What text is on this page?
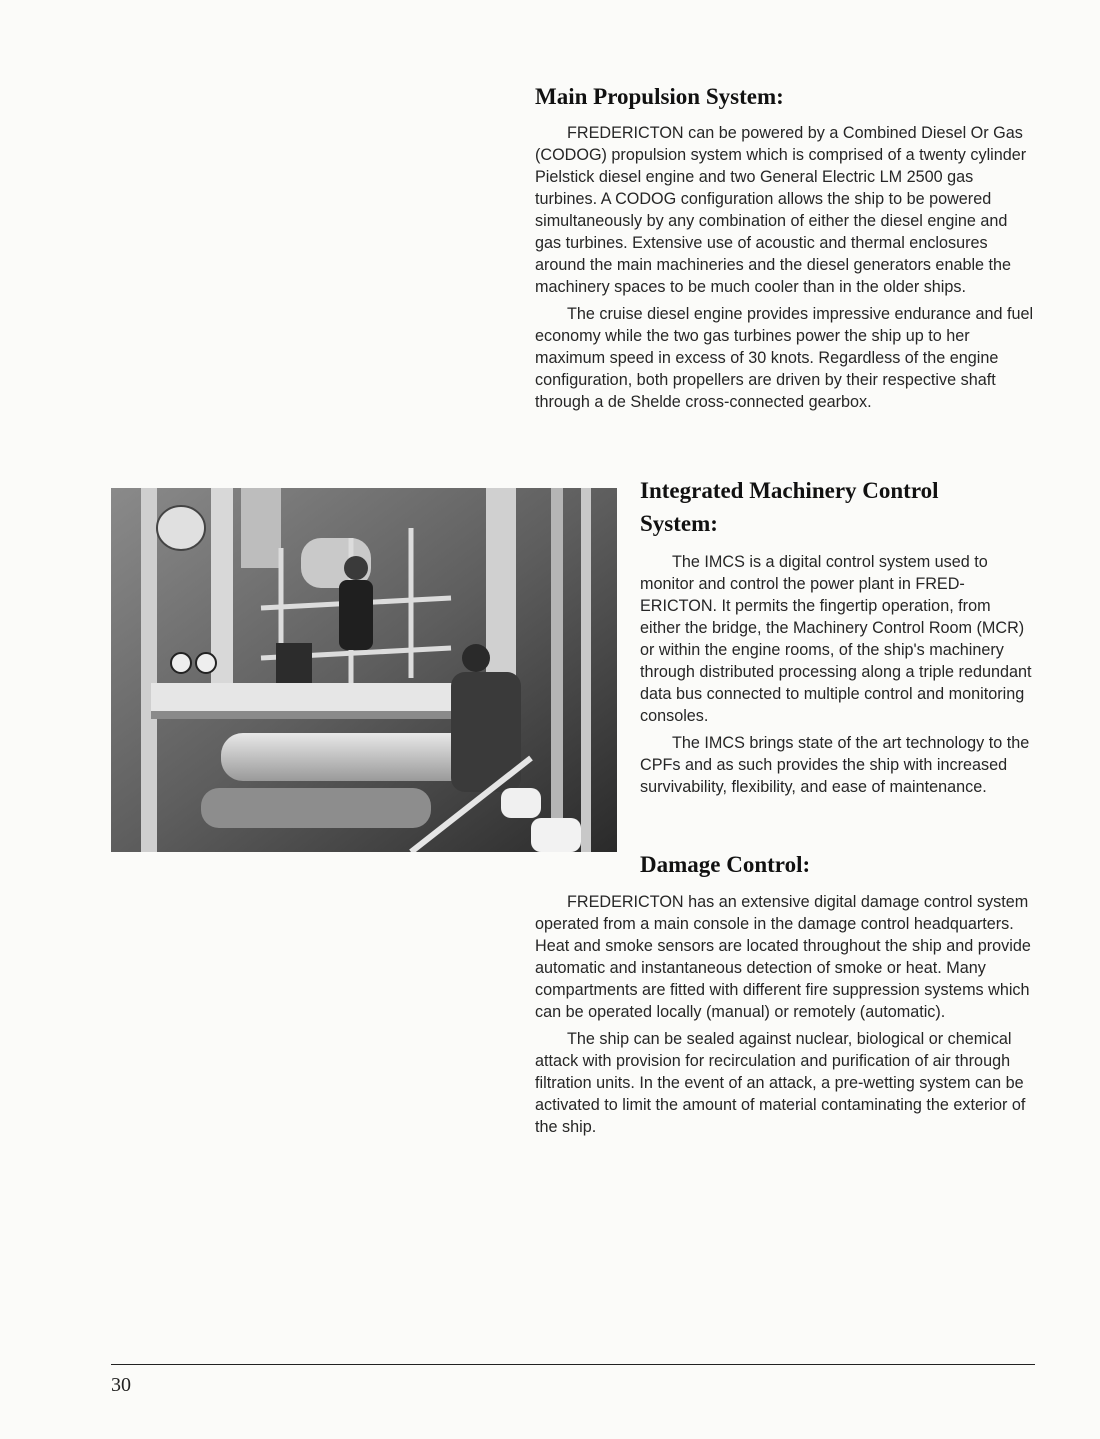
Main Propulsion System:

FREDERICTON can be powered by a Combined Diesel Or Gas (CODOG) propulsion system which is comprised of a twenty cylinder Pielstick diesel engine and two General Electric LM 2500 gas turbines. A CODOG configuration allows the ship to be powered simultaneously by any combination of either the diesel engine and gas turbines. Extensive use of acoustic and thermal enclosures around the main machineries and the diesel generators enable the machinery spaces to be much cooler than in the older ships.

The cruise diesel engine provides impressive endurance and fuel economy while the two gas turbines power the ship up to her maximum speed in excess of 30 knots. Regardless of the engine configuration, both propellers are driven by their respective shaft through a de Shelde cross-connected gearbox.

Integrated Machinery Control
System:

The IMCS is a digital control system used to monitor and control the power plant in FRED-ERICTON. It permits the fingertip operation, from either the bridge, the Machinery Control Room (MCR) or within the engine rooms, of the ship's machinery through distributed processing along a triple redundant data bus connected to multiple control and monitoring consoles.

The IMCS brings state of the art technology to the CPFs and as such provides the ship with increased survivability, flexibility, and ease of maintenance.

Damage Control:

FREDERICTON has an extensive digital damage control system operated from a main console in the damage control headquarters. Heat and smoke sensors are located throughout the ship and provide automatic and instantaneous detection of smoke or heat. Many compartments are fitted with different fire suppression systems which can be operated locally (manual) or remotely (automatic).

The ship can be sealed against nuclear, biological or chemical attack with provision for recirculation and purification of air through filtration units. In the event of an attack, a pre-wetting system can be activated to limit the amount of material contaminating the exterior of the ship.

30
